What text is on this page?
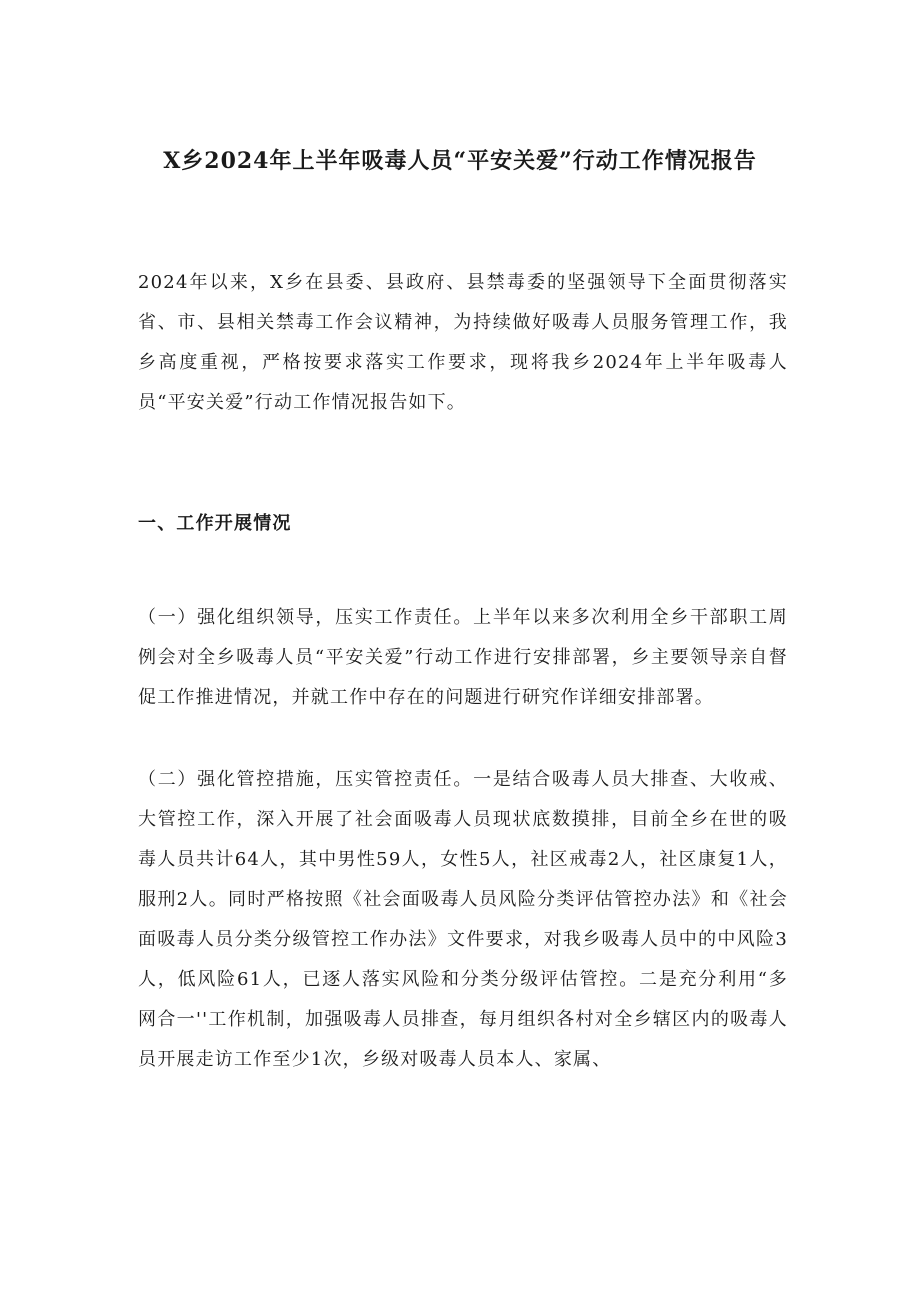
X乡2024年上半年吸毒人员“平安关爱”行动工作情况报告

2024年以来，X乡在县委、县政府、县禁毒委的坚强领导下全面贯彻落实省、市、县相关禁毒工作会议精神，为持续做好吸毒人员服务管理工作，我乡高度重视，严格按要求落实工作要求，现将我乡2024年上半年吸毒人员“平安关爱”行动工作情况报告如下。

一、工作开展情况

（一）强化组织领导，压实工作责任。上半年以来多次利用全乡干部职工周例会对全乡吸毒人员“平安关爱”行动工作进行安排部署，乡主要领导亲自督促工作推进情况，并就工作中存在的问题进行研究作详细安排部署。

（二）强化管控措施，压实管控责任。一是结合吸毒人员大排查、大收戒、大管控工作，深入开展了社会面吸毒人员现状底数摸排，目前全乡在世的吸毒人员共计64人，其中男性59人，女性5人，社区戒毒2人，社区康复1人，服刑2人。同时严格按照《社会面吸毒人员风险分类评估管控办法》和《社会面吸毒人员分类分级管控工作办法》文件要求，对我乡吸毒人员中的中风险3人，低风险61人，已逐人落实风险和分类分级评估管控。二是充分利用“多网合一''工作机制，加强吸毒人员排查，每月组织各村对全乡辖区内的吸毒人员开展走访工作至少1次，乡级对吸毒人员本人、家属、
